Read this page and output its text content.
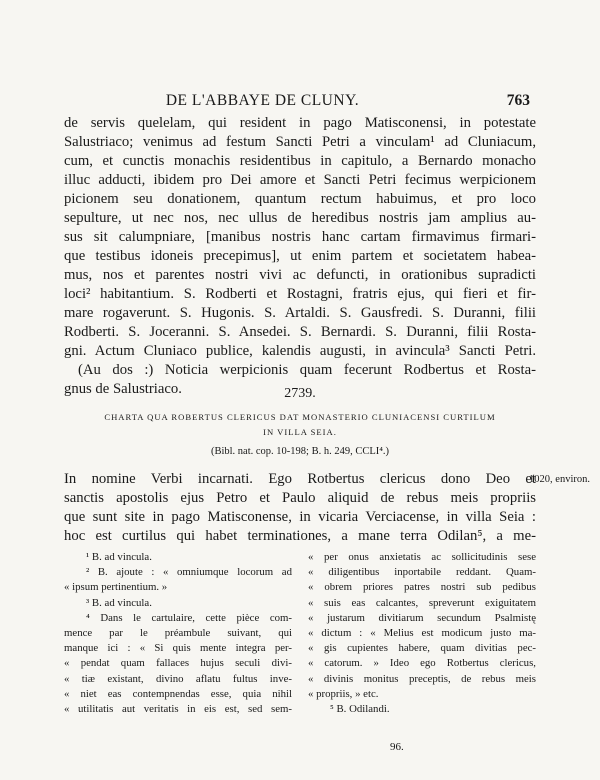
DE L'ABBAYE DE CLUNY.	763
de servis quelelam, qui resident in pago Matisconensi, in potestate
Salustriaco; venimus ad festum Sancti Petri a vinculam¹ ad Cluniacum,
cum, et cunctis monachis residentibus in capitulo, a Bernardo monacho
illuc adducti, ibidem pro Dei amore et Sancti Petri fecimus werpicionem
picionem seu donationem, quantum rectum habuimus, et pro loco
sepulture, ut nec nos, nec ullus de heredibus nostris jam amplius au-
sus sit calumpniare, [manibus nostris hanc cartam firmavimus firmari-
que testibus idoneis precepimus], ut enim partem et societatem habea-
mus, nos et parentes nostri vivi ac defuncti, in orationibus supradicti
loci² habitantium. S. Rodberti et Rostagni, fratris ejus, qui fieri et fir-
mare rogaverunt. S. Hugonis. S. Artaldi. S. Gausfredi. S. Duranni, filii
Rodberti. S. Joceranni. S. Ansedei. S. Bernardi. S. Duranni, filii Rosta-
gni. Actum Cluniaco publice, kalendis augusti, in avincula³ Sancti Petri.
(Au dos :) Noticia werpicionis quam fecerunt Rodbertus et Rosta-
gnus de Salustriaco.	2739.
CHARTA QUA ROBERTUS CLERICUS DAT MONASTERIO CLUNIACENSI CURTILUM
IN VILLA SEIA.
(Bibl. nat. cop. 10-198; B. h. 249, CCLI⁴.)
In nomine Verbi incarnati. Ego Rotbertus clericus dono Deo et
sanctis apostolis ejus Petro et Paulo aliquid de rebus meis propriis
que sunt site in pago Matisconense, in vicaria Verciacense, in villa Seia :
hoc est curtilus qui habet terminationes, a mane terra Odilan⁵, a me-
1020, environ.
¹ B. ad vincula.
² B. ajoute : « omniumque locorum ad
« ipsum pertinentium. »
³ B. ad vincula.
⁴ Dans le cartulaire, cette pièce com-
mence par le préambule suivant, qui
manque ici : « Si quis mente integra per-
« pendat quam fallaces hujus seculi divi-
« tiæ existant, divino aflatu fultus inve-
« niet eas contempnendas esse, quia nihil
« utilitatis aut veritatis in eis est, sed sem-
« per onus anxietatis ac sollicitudinis sese
« diligentibus inportabile reddant. Quam-
« obrem priores patres nostri sub pedibus
« suis eas calcantes, spreverunt exiguitatem
« justarum divitiarum secundum Psalmistę
« dictum : « Melius est modicum justo ma-
« gis cupientes habere, quam divitias pec-
« catorum. » Ideo ego Rotbertus clericus,
« divinis monitus preceptis, de rebus meis
« propriis, » etc.
⁵ B. Odilandi.
96.
